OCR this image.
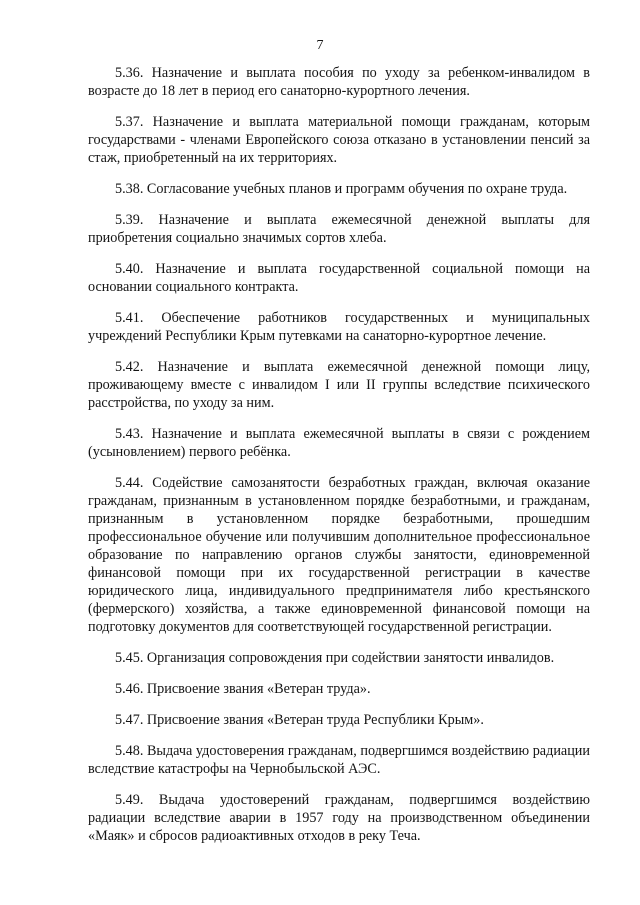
7

5.36. Назначение и выплата пособия по уходу за ребенком-инвалидом в возрасте до 18 лет в период его санаторно-курортного лечения.

5.37. Назначение и выплата материальной помощи гражданам, которым государствами - членами Европейского союза отказано в установлении пенсий за стаж, приобретенный на их территориях.

5.38. Согласование учебных планов и программ обучения по охране труда.

5.39. Назначение и выплата ежемесячной денежной выплаты для приобретения социально значимых сортов хлеба.

5.40. Назначение и выплата государственной социальной помощи на основании социального контракта.

5.41. Обеспечение работников государственных и муниципальных учреждений Республики Крым путевками на санаторно-курортное лечение.

5.42. Назначение и выплата ежемесячной денежной помощи лицу, проживающему вместе с инвалидом I или II группы вследствие психического расстройства, по уходу за ним.

5.43. Назначение и выплата ежемесячной выплаты в связи с рождением (усыновлением) первого ребёнка.

5.44. Содействие самозанятости безработных граждан, включая оказание гражданам, признанным в установленном порядке безработными, и гражданам, признанным в установленном порядке безработными, прошедшим профессиональное обучение или получившим дополнительное профессиональное образование по направлению органов службы занятости, единовременной финансовой помощи при их государственной регистрации в качестве юридического лица, индивидуального предпринимателя либо крестьянского (фермерского) хозяйства, а также единовременной финансовой помощи на подготовку документов для соответствующей государственной регистрации.

5.45. Организация сопровождения при содействии занятости инвалидов.

5.46. Присвоение звания «Ветеран труда».

5.47. Присвоение звания «Ветеран труда Республики Крым».

5.48. Выдача удостоверения гражданам, подвергшимся воздействию радиации вследствие катастрофы на Чернобыльской АЭС.

5.49. Выдача удостоверений гражданам, подвергшимся воздействию радиации вследствие аварии в 1957 году на производственном объединении «Маяк» и сбросов радиоактивных отходов в реку Теча.
